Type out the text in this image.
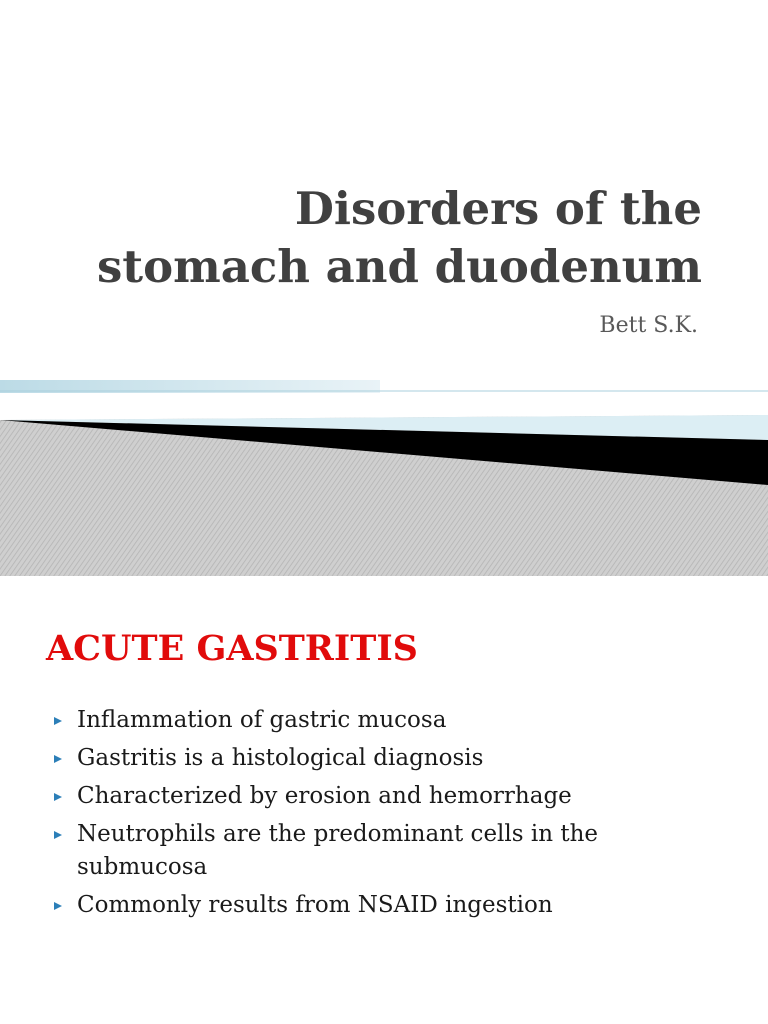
Disorders of the stomach and duodenum

Bett S.K.

ACUTE GASTRITIS
Inflammation of gastric mucosa
Gastritis is a histological diagnosis
Characterized by erosion and hemorrhage
Neutrophils are the predominant cells in the submucosa
Commonly results from NSAID ingestion
